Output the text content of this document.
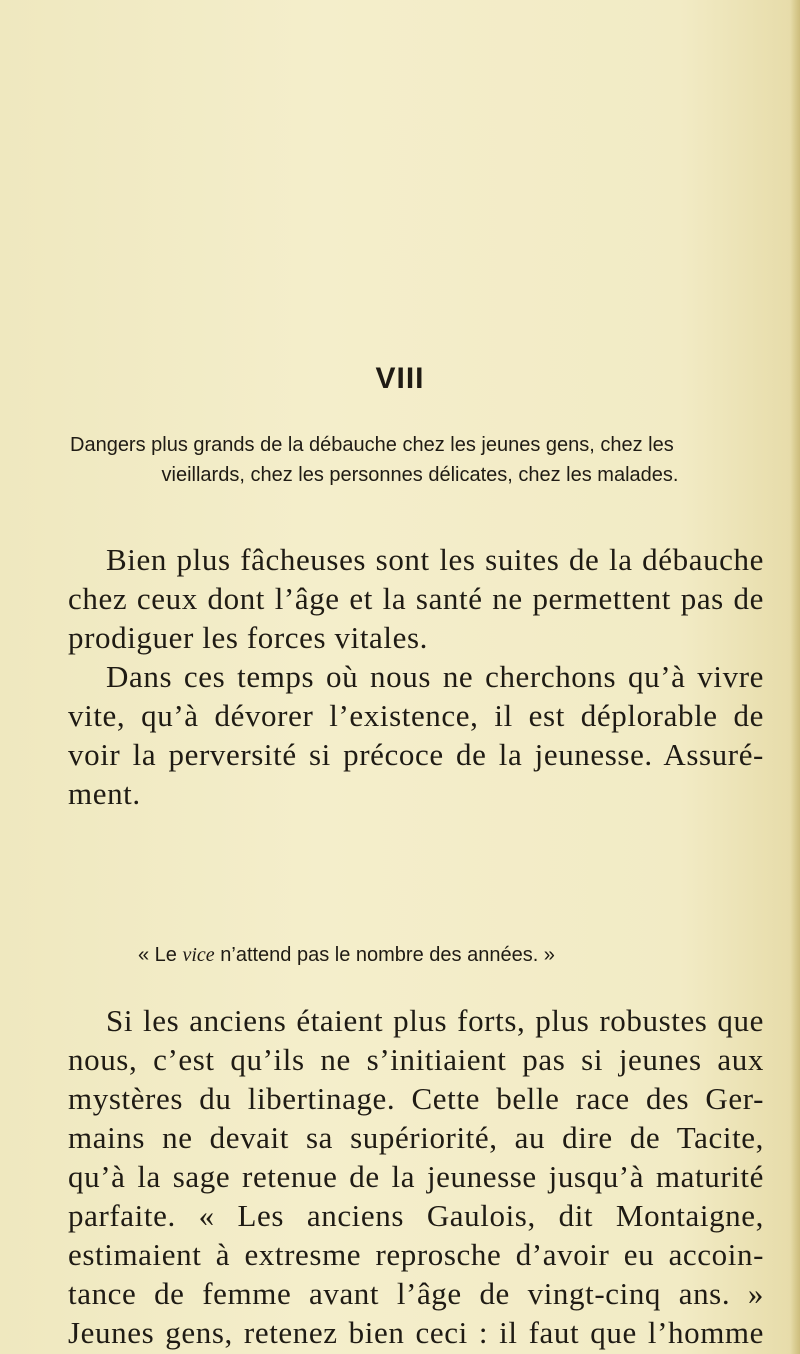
VIII
Dangers plus grands de la débauche chez les jeunes gens, chez les
vieillards, chez les personnes délicates, chez les malades.
Bien plus fâcheuses sont les suites de la débauche
chez ceux dont l’âge et la santé ne permettent pas de
prodiguer les forces vitales.
Dans ces temps où nous ne cherchons qu’à vivre
vite, qu’à dévorer l’existence, il est déplorable de
voir la perversité si précoce de la jeunesse. Assuré-
ment.
« Le vice n’attend pas le nombre des années. »
Si les anciens étaient plus forts, plus robustes que
nous, c’est qu’ils ne s’initiaient pas si jeunes aux
mystères du libertinage. Cette belle race des Ger-
mains ne devait sa supériorité, au dire de Tacite,
qu’à la sage retenue de la jeunesse jusqu’à maturité
parfaite. « Les anciens Gaulois, dit Montaigne,
estimaient à extresme reprosche d’avoir eu accoin-
tance de femme avant l’âge de vingt-cinq ans. »
Jeunes gens, retenez bien ceci : il faut que l’homme
